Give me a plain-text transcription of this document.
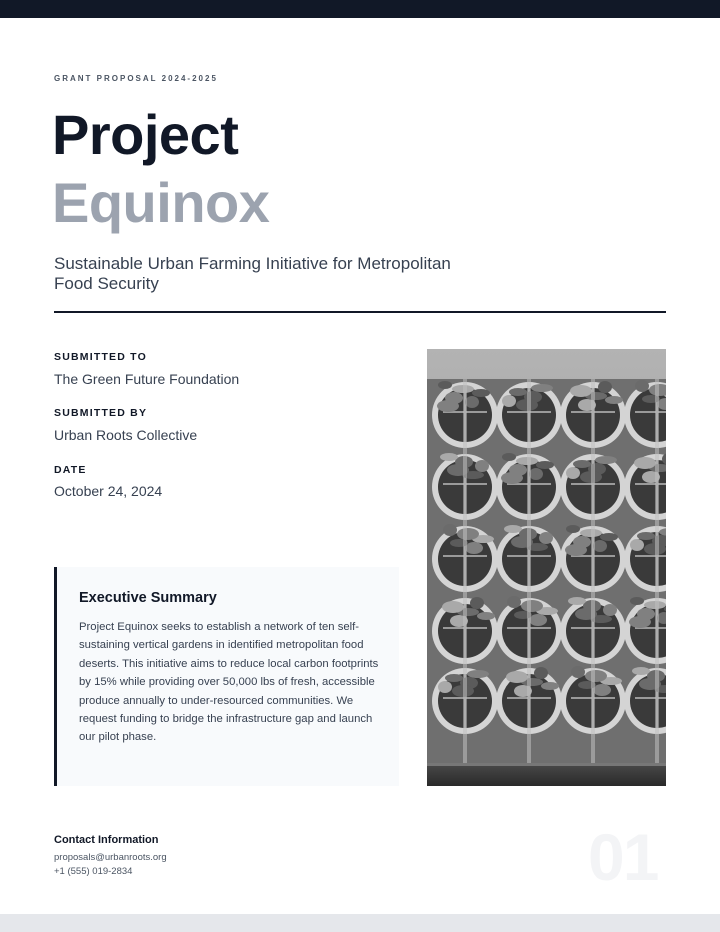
GRANT PROPOSAL 2024-2025
Project
Equinox
Sustainable Urban Farming Initiative for Metropolitan Food Security
SUBMITTED TO
The Green Future Foundation
SUBMITTED BY
Urban Roots Collective
DATE
October 24, 2024
Executive Summary
Project Equinox seeks to establish a network of ten self-sustaining vertical gardens in identified metropolitan food deserts. This initiative aims to reduce local carbon footprints by 15% while providing over 50,000 lbs of fresh, accessible produce annually to under-resourced communities. We request funding to bridge the infrastructure gap and launch our pilot phase.
Contact Information
proposals@urbanroots.org
+1 (555) 019-2834	01
